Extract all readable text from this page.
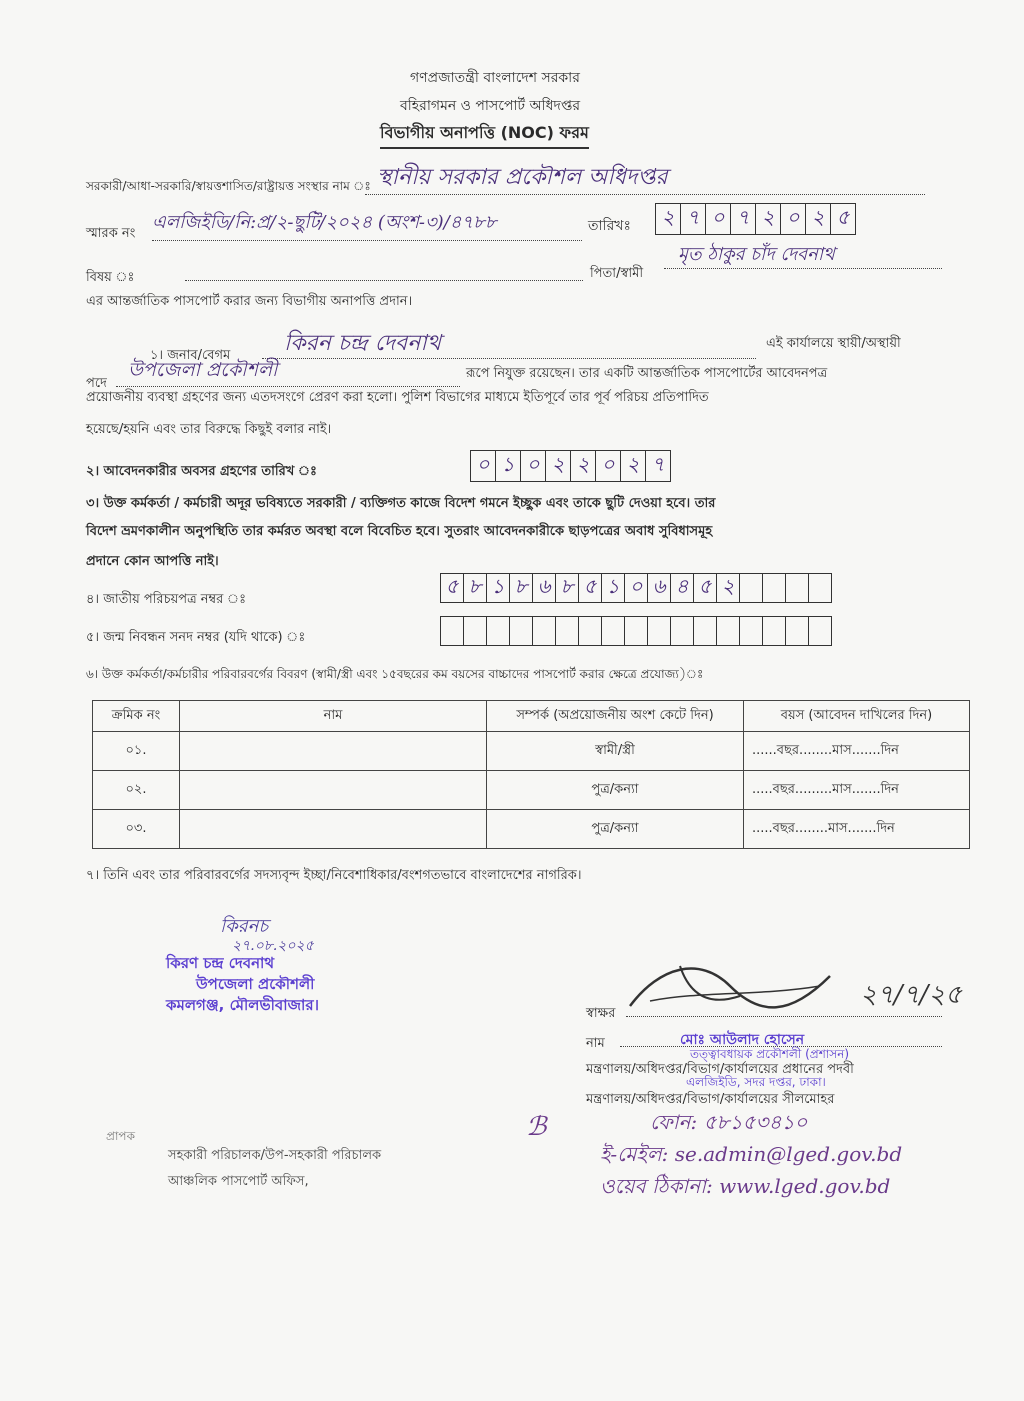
গণপ্রজাতন্ত্রী বাংলাদেশ সরকার
বহিরাগমন ও পাসপোর্ট অধিদপ্তর
বিভাগীয় অনাপত্তি (NOC) ফরম
সরকারী/আধা-সরকারি/স্বায়ত্তশাসিত/রাষ্ট্রায়ত্ত সংস্থার নাম ঃ স্থানীয় সরকার প্রকৌশল অধিদপ্তর
স্মারক নং
এলজিইডি/নি:প্র/২-ছুটি/২০২৪ (অংশ-৩)/৪৭৮৮	তারিখঃ ২ ৭ ০ ৭ ২ ০ ২ ৫
বিষয় ঃ	পিতা/স্বামী
মৃত ঠাকুর চাঁদ দেবনাথ
এর আন্তর্জাতিক পাসপোর্ট করার জন্য বিভাগীয় অনাপত্তি প্রদান।
১। জনাব/বেগম	কিরন চন্দ্র দেবনাথ	এই কার্যালয়ে স্থায়ী/অস্থায়ী
পদে
উপজেলা প্রকৌশলী	রূপে নিযুক্ত রয়েছেন। তার একটি আন্তর্জাতিক পাসপোর্টের আবেদনপত্র
প্রয়োজনীয় ব্যবস্থা গ্রহণের জন্য এতদসংগে প্রেরণ করা হলো। পুলিশ বিভাগের মাধ্যমে ইতিপূর্বে তার পূর্ব পরিচয় প্রতিপাদিত
হয়েছে/হয়নি এবং তার বিরুদ্ধে কিছুই বলার নাই।
২। আবেদনকারীর অবসর গ্রহণের তারিখ ঃ	০ ১ ০ ২ ২ ০ ২ ৭
৩। উক্ত কর্মকর্তা / কর্মচারী অদূর ভবিষ্যতে সরকারী / ব্যক্তিগত কাজে বিদেশ গমনে ইচ্ছুক এবং তাকে ছুটি দেওয়া হবে। তার
বিদেশ ভ্রমণকালীন অনুপস্থিতি তার কর্মরত অবস্থা বলে বিবেচিত হবে। সুতরাং আবেদনকারীকে ছাড়পত্রের অবাধ সুবিধাসমূহ
প্রদানে কোন আপত্তি নাই।
৪। জাতীয় পরিচয়পত্র নম্বর ঃ
৫ ৮ ১ ৮ ৬ ৮ ৫ ১ ০ ৬ ৪ ৫ ২
৫। জন্ম নিবন্ধন সনদ নম্বর (যদি থাকে) ঃ
৬। উক্ত কর্মকর্তা/কর্মচারীর পরিবারবর্গের বিবরণ (স্বামী/স্ত্রী এবং ১৫বছরের কম বয়সের বাচ্চাদের পাসপোর্ট করার ক্ষেত্রে প্রযোজ্য)ঃ
ক্রমিক নং	নাম	সম্পর্ক (অপ্রয়োজনীয় অংশ কেটে দিন)	বয়স (আবেদন দাখিলের দিন)
০১.		স্বামী/স্ত্রী	......বছর........মাস.......দিন
০২.		পুত্র/কন্যা	.....বছর.........মাস.......দিন
০৩.		পুত্র/কন্যা	.....বছর........মাস.......দিন
৭। তিনি এবং তার পরিবারবর্গের সদস্যবৃন্দ ইচ্ছা/নিবেশাধিকার/বংশগতভাবে বাংলাদেশের নাগরিক।
কিরনচ
২৭.০৮.২০২৫
কিরণ চন্দ্র দেবনাথ
উপজেলা প্রকৌশলী
কমলগঞ্জ, মৌলভীবাজার।	২৭/৭/২৫
স্বাক্ষর
নাম	মোঃ আউলাদ হোসেন
মন্ত্রণালয়/অধিদপ্তর/বিভাগ/কার্যালয়ের প্রধানের পদবী
তত্ত্বাবধায়ক প্রকৌশলী (প্রশাসন)
এলজিইডি, সদর দপ্তর, ঢাকা।
মন্ত্রণালয়/অধিদপ্তর/বিভাগ/কার্যালয়ের সীলমোহর
ℬ	ফোন: ৫৮১৫৩৪১০
ই-মেইল: se.admin@lged.gov.bd
ওয়েব ঠিকানা: www.lged.gov.bd
প্রাপক
সহকারী পরিচালক/উপ-সহকারী পরিচালক
আঞ্চলিক পাসপোর্ট অফিস,
